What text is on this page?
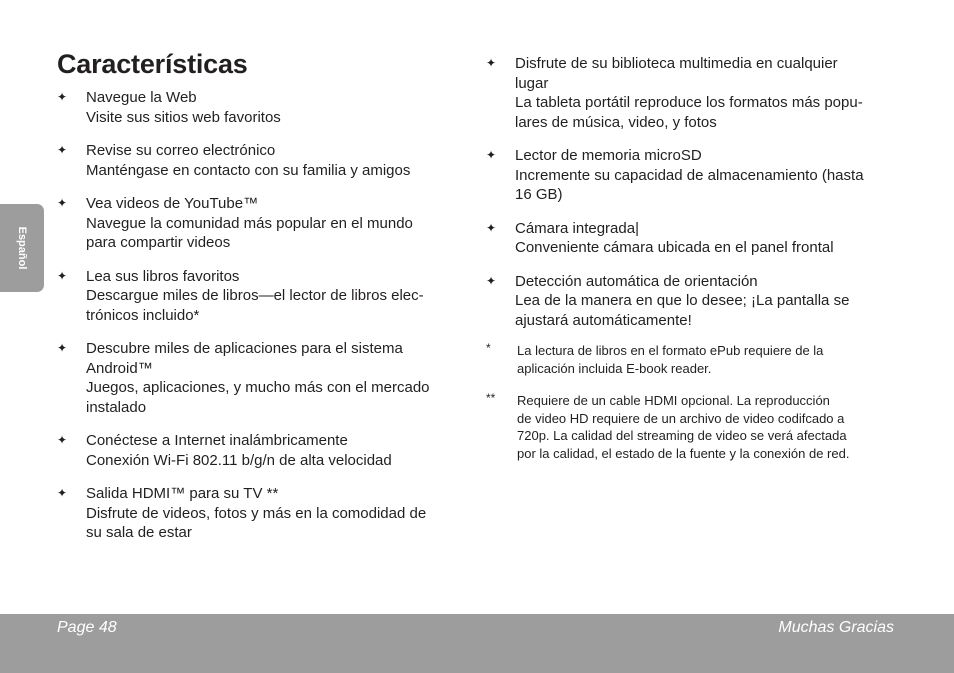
Español
Características
✦ Navegue la Web
Visite sus sitios web favoritos
✦ Revise su correo electrónico
Manténgase en contacto con su familia y amigos
✦ Vea videos de YouTube™
Navegue la comunidad más popular en el mundo
para compartir videos
✦ Lea sus libros favoritos
Descargue miles de libros—el lector de libros elec-
trónicos incluido*
✦ Descubre miles de aplicaciones para el sistema
Android™
Juegos, aplicaciones, y mucho más con el mercado
instalado
✦ Conéctese a Internet inalámbricamente
Conexión Wi-Fi 802.11 b/g/n de alta velocidad
✦ Salida HDMI™ para su TV **
Disfrute de videos, fotos y más en la comodidad de
su sala de estar
✦ Disfrute de su biblioteca multimedia en cualquier
lugar
La tableta portátil reproduce los formatos más popu-
lares de música, video, y fotos
✦ Lector de memoria microSD
Incremente su capacidad de almacenamiento (hasta
16 GB)
✦ Cámara integrada|
Conveniente cámara ubicada en el panel frontal
✦ Detección automática de orientación
Lea de la manera en que lo desee; ¡La pantalla se
ajustará automáticamente!
* La lectura de libros en el formato ePub requiere de la
aplicación incluida E-book reader.
** Requiere de un cable HDMI opcional. La reproducción
de video HD requiere de un archivo de video codifcado a
720p. La calidad del streaming de video se verá afectada
por la calidad, el estado de la fuente y la conexión de red.
Page 48	Muchas Gracias
